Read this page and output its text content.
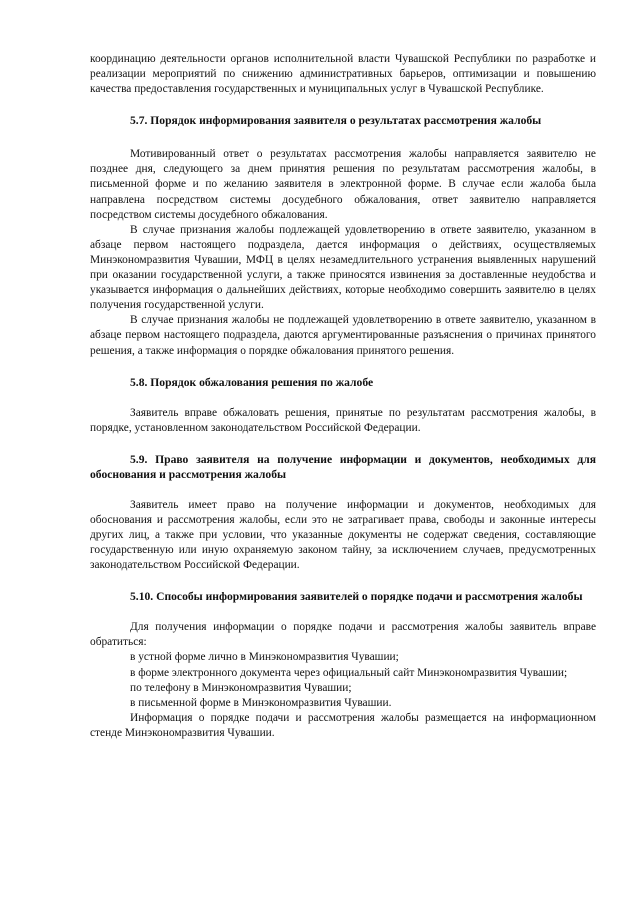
координацию деятельности органов исполнительной власти Чувашской Республики по разработке и реализации мероприятий по снижению административных барьеров, оптимизации и повышению качества предоставления государственных и муниципальных услуг в Чувашской Республике.

5.7. Порядок информирования заявителя о результатах рассмотрения жалобы

Мотивированный ответ о результатах рассмотрения жалобы направляется заявителю не позднее дня, следующего за днем принятия решения по результатам рассмотрения жалобы, в письменной форме и по желанию заявителя в электронной форме. В случае если жалоба была направлена посредством системы досудебного обжалования, ответ заявителю направляется посредством системы досудебного обжалования.

В случае признания жалобы подлежащей удовлетворению в ответе заявителю, указанном в абзаце первом настоящего подраздела, дается информация о действиях, осуществляемых Минэкономразвития Чувашии, МФЦ в целях незамедлительного устранения выявленных нарушений при оказании государственной услуги, а также приносятся извинения за доставленные неудобства и указывается информация о дальнейших действиях, которые необходимо совершить заявителю в целях получения государственной услуги.

В случае признания жалобы не подлежащей удовлетворению в ответе заявителю, указанном в абзаце первом настоящего подраздела, даются аргументированные разъяснения о причинах принятого решения, а также информация о порядке обжалования принятого решения.

5.8. Порядок обжалования решения по жалобе

Заявитель вправе обжаловать решения, принятые по результатам рассмотрения жалобы, в порядке, установленном законодательством Российской Федерации.

5.9. Право заявителя на получение информации и документов, необходимых для обоснования и рассмотрения жалобы

Заявитель имеет право на получение информации и документов, необходимых для обоснования и рассмотрения жалобы, если это не затрагивает права, свободы и законные интересы других лиц, а также при условии, что указанные документы не содержат сведения, составляющие государственную или иную охраняемую законом тайну, за исключением случаев, предусмотренных законодательством Российской Федерации.

5.10. Способы информирования заявителей о порядке подачи и рассмотрения жалобы

Для получения информации о порядке подачи и рассмотрения жалобы заявитель вправе обратиться:

в устной форме лично в Минэкономразвития Чувашии;

в форме электронного документа через официальный сайт Минэкономразвития Чувашии;

по телефону в Минэкономразвития Чувашии;

в письменной форме в Минэкономразвития Чувашии.

Информация о порядке подачи и рассмотрения жалобы размещается на информационном стенде Минэкономразвития Чувашии.
